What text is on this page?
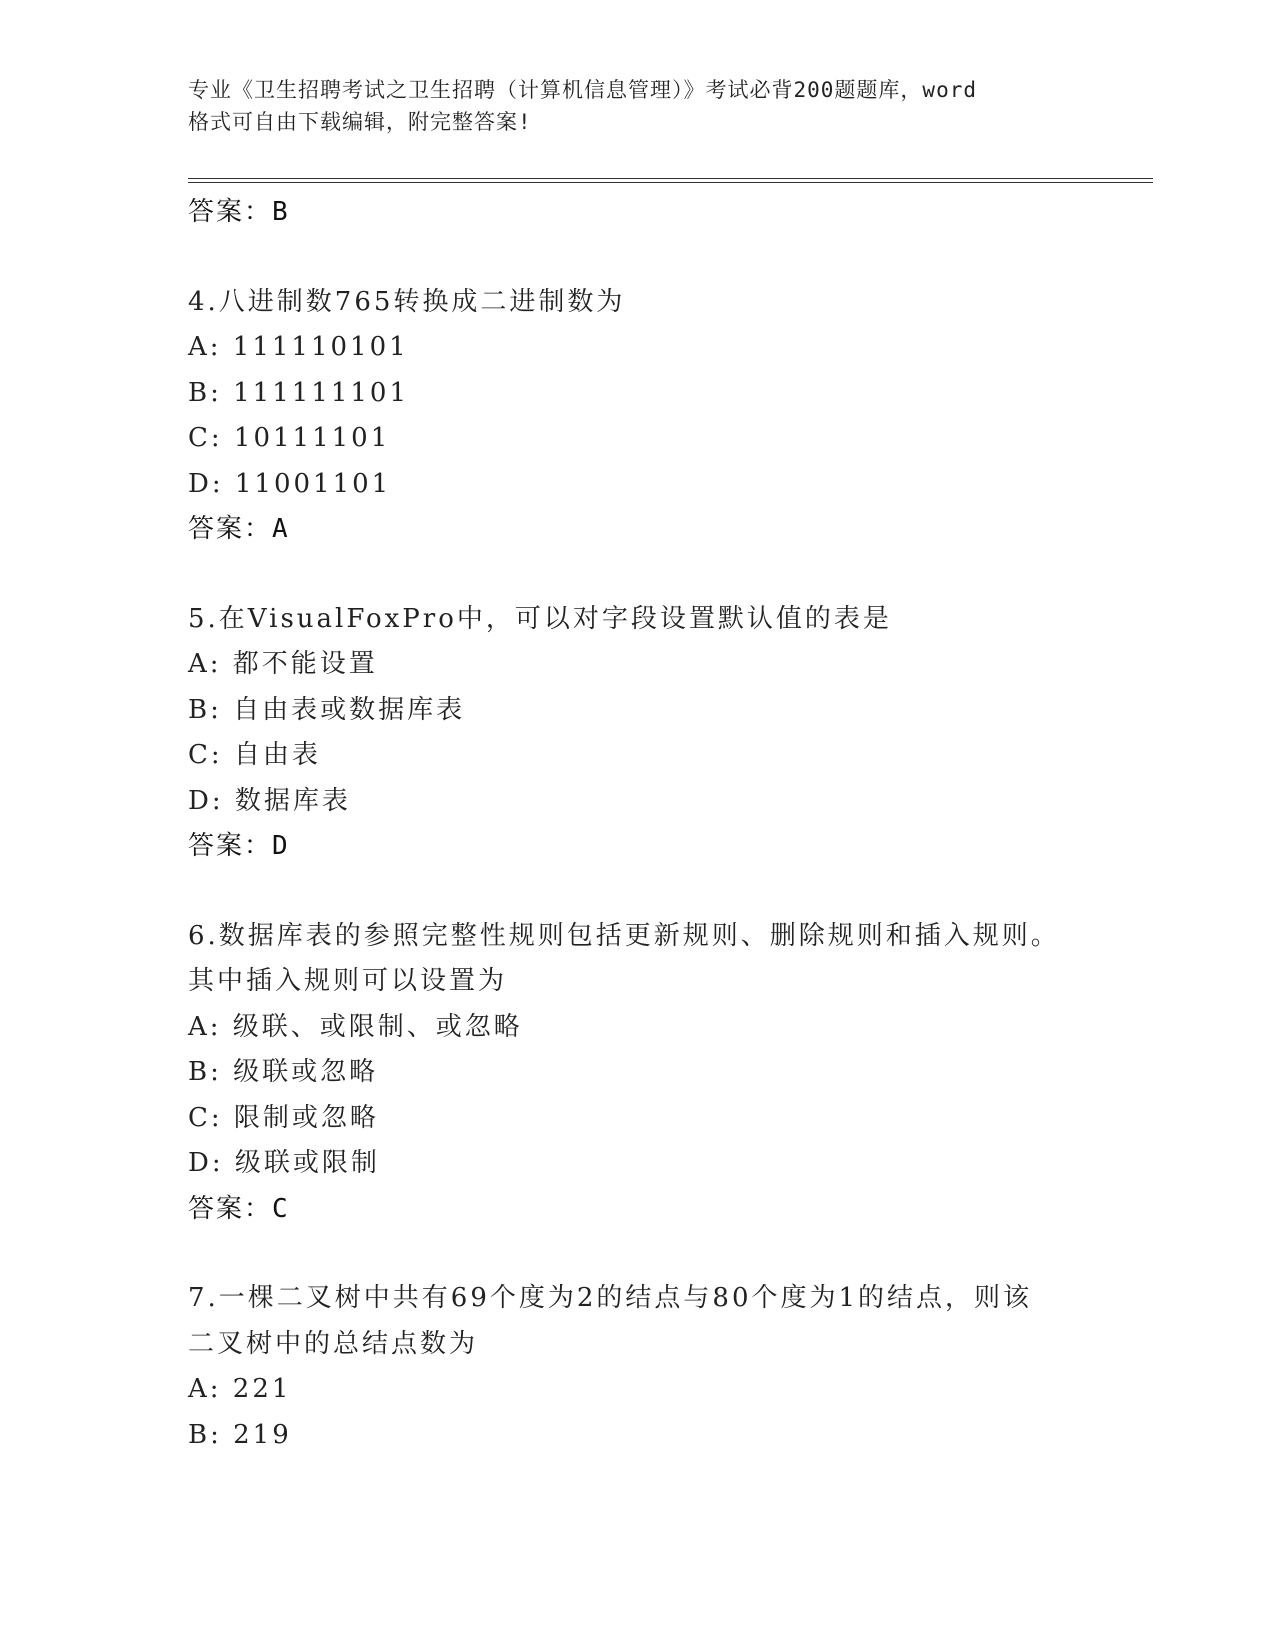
专业《卫生招聘考试之卫生招聘（计算机信息管理）》考试必背200题题库，word
格式可自由下载编辑，附完整答案!
答案：B
4.八进制数765转换成二进制数为
A: 111110101
B: 111111101
C: 10111101
D: 11001101
答案：A
5.在VisualFoxPro中，可以对字段设置默认值的表是
A: 都不能设置
B: 自由表或数据库表
C: 自由表
D: 数据库表
答案：D
6.数据库表的参照完整性规则包括更新规则、删除规则和插入规则。
其中插入规则可以设置为
A: 级联、或限制、或忽略
B: 级联或忽略
C: 限制或忽略
D: 级联或限制
答案：C
7.一棵二叉树中共有69个度为2的结点与80个度为1的结点，则该
二叉树中的总结点数为
A: 221
B: 219
